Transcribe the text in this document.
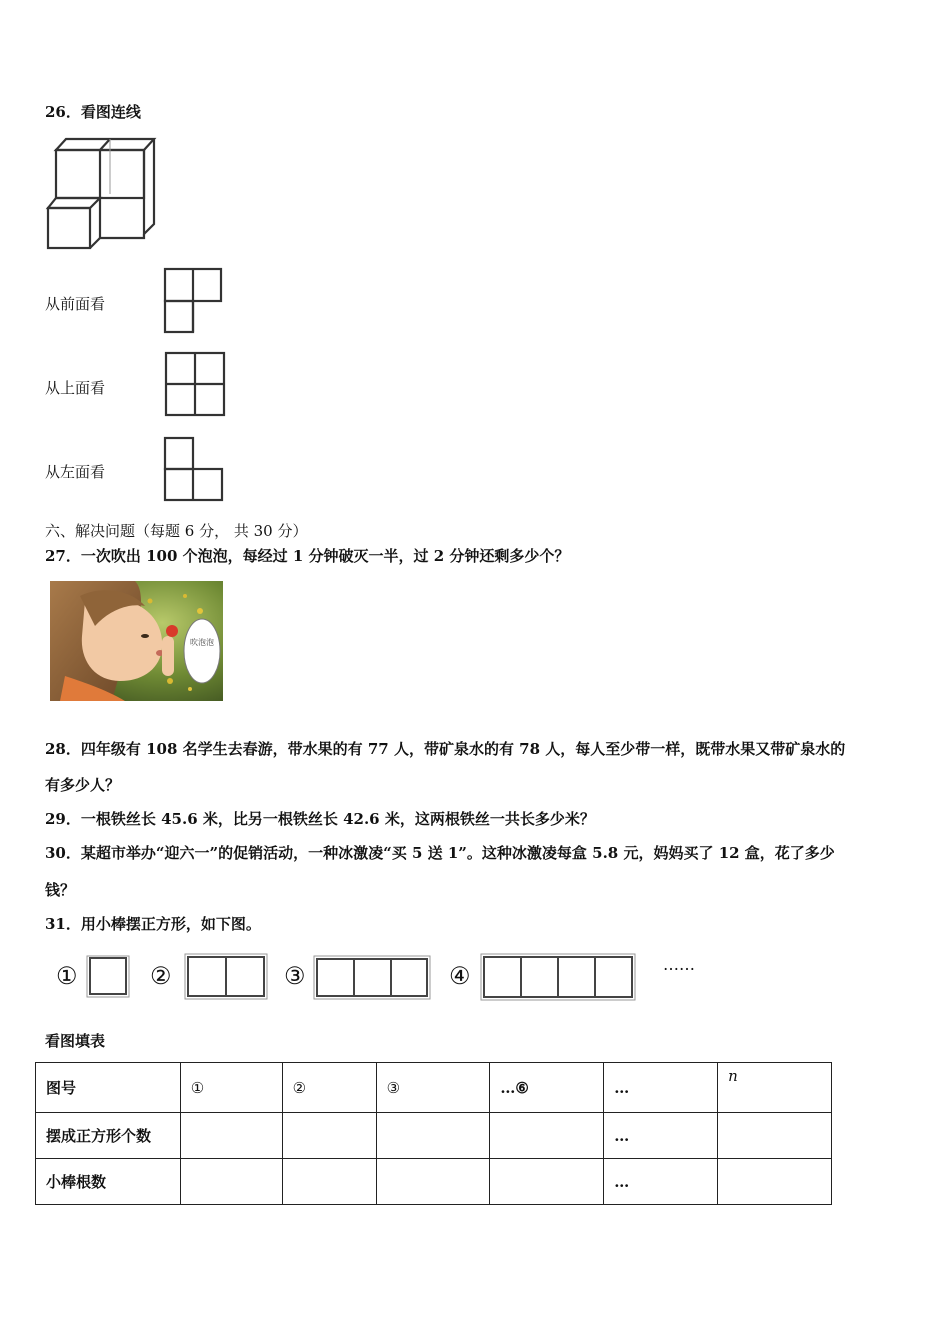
26．看图连线
从前面看
从上面看
从左面看
六、解决问题（每题 6 分， 共 30 分）
27．一次吹出 100 个泡泡，每经过 1 分钟破灭一半，过 2 分钟还剩多少个？
吹泡泡
28．四年级有 108 名学生去春游，带水果的有 77 人，带矿泉水的有 78 人，每人至少带一样，既带水果又带矿泉水的
有多少人？
29．一根铁丝长 45.6 米，比另一根铁丝长 42.6 米，这两根铁丝一共长多少米？
30．某超市举办“迎六一”的促销活动，一种冰激凌“买 5 送 1”。这种冰激凌每盒 5.8 元，妈妈买了 12 盒，花了多少
钱？
31．用小棒摆正方形，如下图。
①	②	③	④	……
看图填表
图号	①	②	③	…⑥	…	n
摆成正方形个数					…	
小棒根数					…	
